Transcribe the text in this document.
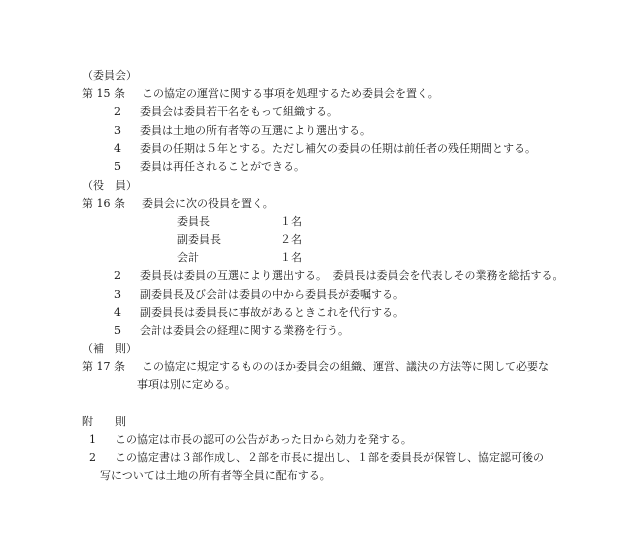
（委員会）
第 15 条 この協定の運営に関する事項を処理するため委員会を置く。
2 委員会は委員若干名をもって組織する。
3 委員は土地の所有者等の互選により選出する。
4 委員の任期は５年とする。ただし補欠の委員の任期は前任者の残任期間とする。
5 委員は再任されることができる。
（役　員）
第 16 条 委員会に次の役員を置く。
委員長	１名
副委員長	２名
会計	１名
2 委員長は委員の互選により選出する。　委員長は委員会を代表しその業務を総括する。
3 副委員長及び会計は委員の中から委員長が委嘱する。
4 副委員長は委員長に事故があるときこれを代行する。
5 会計は委員会の経理に関する業務を行う。
（補　則）
第 17 条 この協定に規定するもののほか委員会の組織、運営、議決の方法等に関して必要な
事項は別に定める。
附　　則
1 この協定は市長の認可の公告があった日から効力を発する。
2 この協定書は３部作成し、２部を市長に提出し、１部を委員長が保管し、協定認可後の
写については土地の所有者等全員に配布する。
